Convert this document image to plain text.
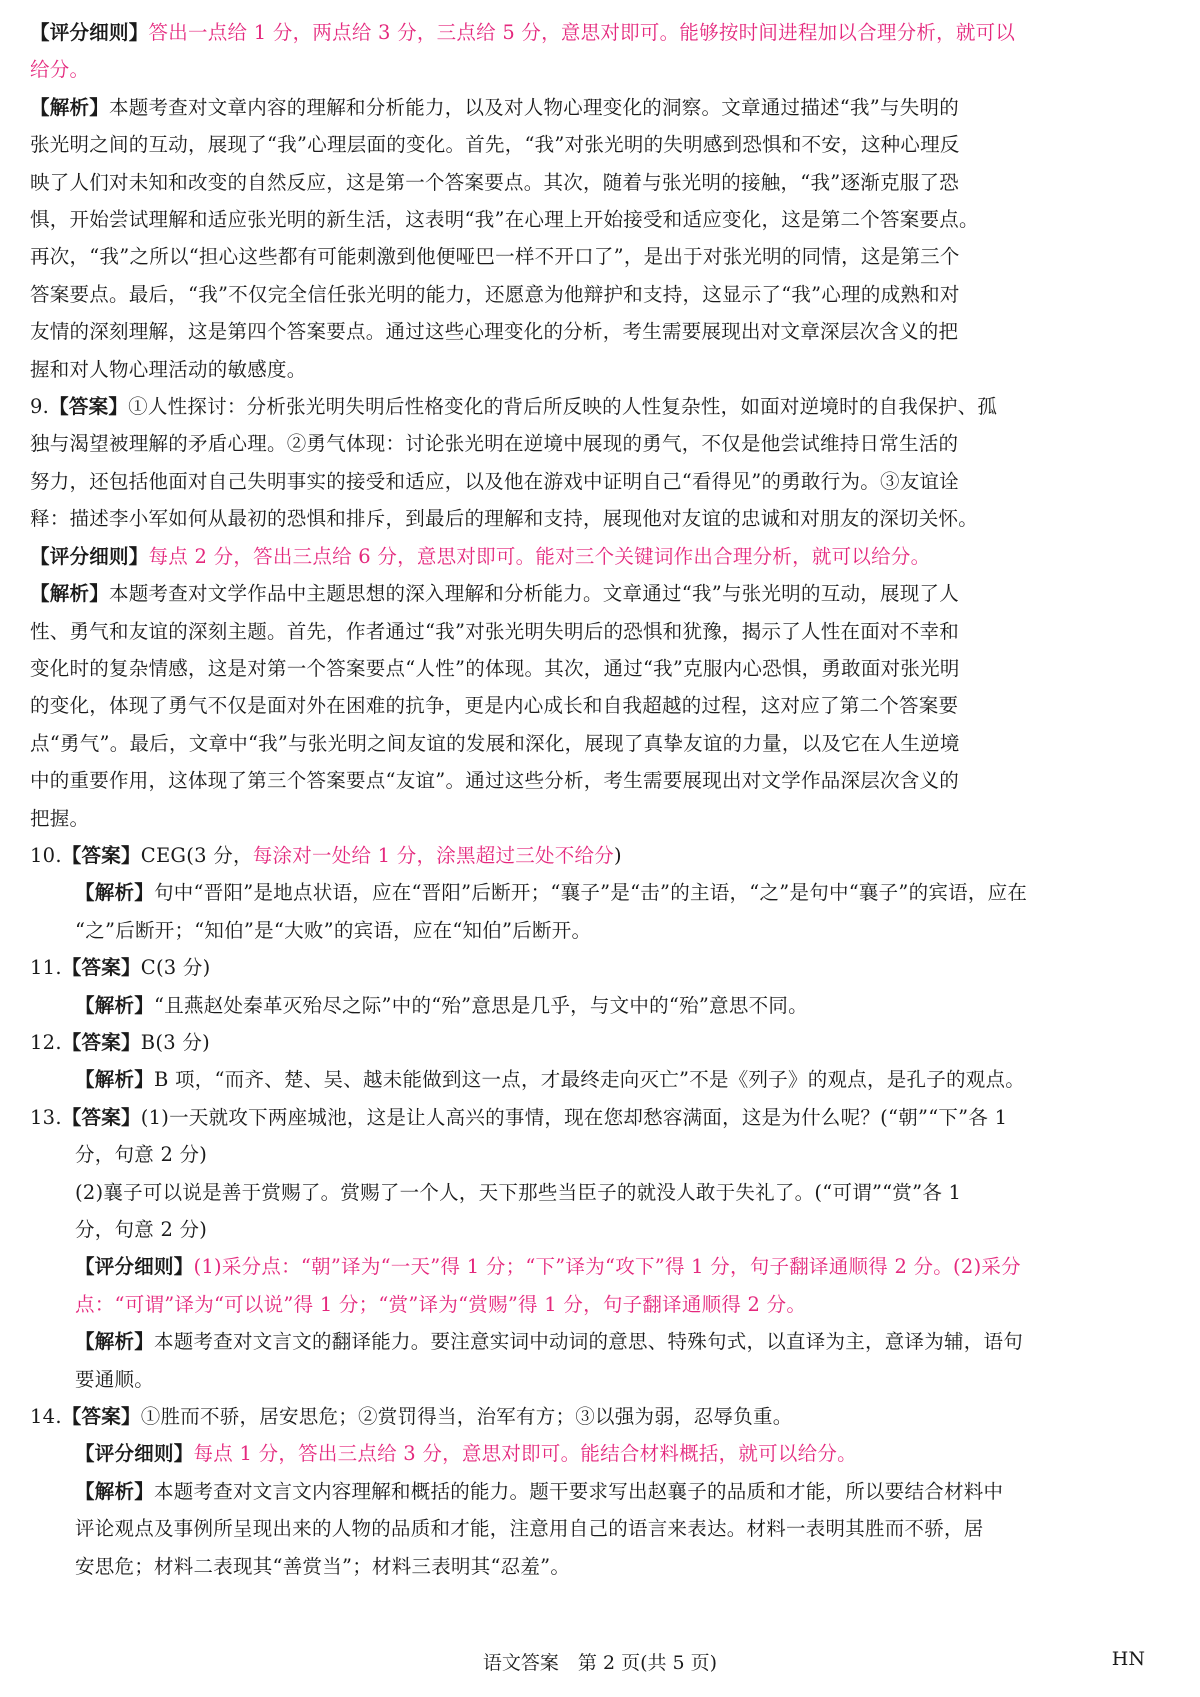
【评分细则】答出一点给 1 分，两点给 3 分，三点给 5 分，意思对即可。能够按时间进程加以合理分析，就可以
给分。
【解析】本题考查对文章内容的理解和分析能力，以及对人物心理变化的洞察。文章通过描述“我”与失明的
张光明之间的互动，展现了“我”心理层面的变化。首先，“我”对张光明的失明感到恐惧和不安，这种心理反
映了人们对未知和改变的自然反应，这是第一个答案要点。其次，随着与张光明的接触，“我”逐渐克服了恐
惧，开始尝试理解和适应张光明的新生活，这表明“我”在心理上开始接受和适应变化，这是第二个答案要点。
再次，“我”之所以“担心这些都有可能刺激到他便哑巴一样不开口了”，是出于对张光明的同情，这是第三个
答案要点。最后，“我”不仅完全信任张光明的能力，还愿意为他辩护和支持，这显示了“我”心理的成熟和对
友情的深刻理解，这是第四个答案要点。通过这些心理变化的分析，考生需要展现出对文章深层次含义的把
握和对人物心理活动的敏感度。
9.【答案】①人性探讨：分析张光明失明后性格变化的背后所反映的人性复杂性，如面对逆境时的自我保护、孤
独与渴望被理解的矛盾心理。②勇气体现：讨论张光明在逆境中展现的勇气，不仅是他尝试维持日常生活的
努力，还包括他面对自己失明事实的接受和适应，以及他在游戏中证明自己“看得见”的勇敢行为。③友谊诠
释：描述李小军如何从最初的恐惧和排斥，到最后的理解和支持，展现他对友谊的忠诚和对朋友的深切关怀。
【评分细则】每点 2 分，答出三点给 6 分，意思对即可。能对三个关键词作出合理分析，就可以给分。
【解析】本题考查对文学作品中主题思想的深入理解和分析能力。文章通过“我”与张光明的互动，展现了人
性、勇气和友谊的深刻主题。首先，作者通过“我”对张光明失明后的恐惧和犹豫，揭示了人性在面对不幸和
变化时的复杂情感，这是对第一个答案要点“人性”的体现。其次，通过“我”克服内心恐惧，勇敢面对张光明
的变化，体现了勇气不仅是面对外在困难的抗争，更是内心成长和自我超越的过程，这对应了第二个答案要
点“勇气”。最后，文章中“我”与张光明之间友谊的发展和深化，展现了真挚友谊的力量，以及它在人生逆境
中的重要作用，这体现了第三个答案要点“友谊”。通过这些分析，考生需要展现出对文学作品深层次含义的
把握。
10.【答案】CEG(3 分，每涂对一处给 1 分，涂黑超过三处不给分)
【解析】句中“晋阳”是地点状语，应在“晋阳”后断开；“襄子”是“击”的主语，“之”是句中“襄子”的宾语，应在
“之”后断开；“知伯”是“大败”的宾语，应在“知伯”后断开。
11.【答案】C(3 分)
【解析】“且燕赵处秦革灭殆尽之际”中的“殆”意思是几乎，与文中的“殆”意思不同。
12.【答案】B(3 分)
【解析】B 项，“而齐、楚、吴、越未能做到这一点，才最终走向灭亡”不是《列子》的观点，是孔子的观点。
13.【答案】(1)一天就攻下两座城池，这是让人高兴的事情，现在您却愁容满面，这是为什么呢？(“朝”“下”各 1
分，句意 2 分)
(2)襄子可以说是善于赏赐了。赏赐了一个人，天下那些当臣子的就没人敢于失礼了。(“可谓”“赏”各 1
分，句意 2 分)
【评分细则】(1)采分点：“朝”译为“一天”得 1 分；“下”译为“攻下”得 1 分，句子翻译通顺得 2 分。(2)采分
点：“可谓”译为“可以说”得 1 分；“赏”译为“赏赐”得 1 分，句子翻译通顺得 2 分。
【解析】本题考查对文言文的翻译能力。要注意实词中动词的意思、特殊句式，以直译为主，意译为辅，语句
要通顺。
14.【答案】①胜而不骄，居安思危；②赏罚得当，治军有方；③以强为弱，忍辱负重。
【评分细则】每点 1 分，答出三点给 3 分，意思对即可。能结合材料概括，就可以给分。
【解析】本题考查对文言文内容理解和概括的能力。题干要求写出赵襄子的品质和才能，所以要结合材料中
评论观点及事例所呈现出来的人物的品质和才能，注意用自己的语言来表达。材料一表明其胜而不骄，居
安思危；材料二表现其“善赏当”；材料三表明其“忍羞”。
语文答案　第 2 页(共 5 页)	HN
